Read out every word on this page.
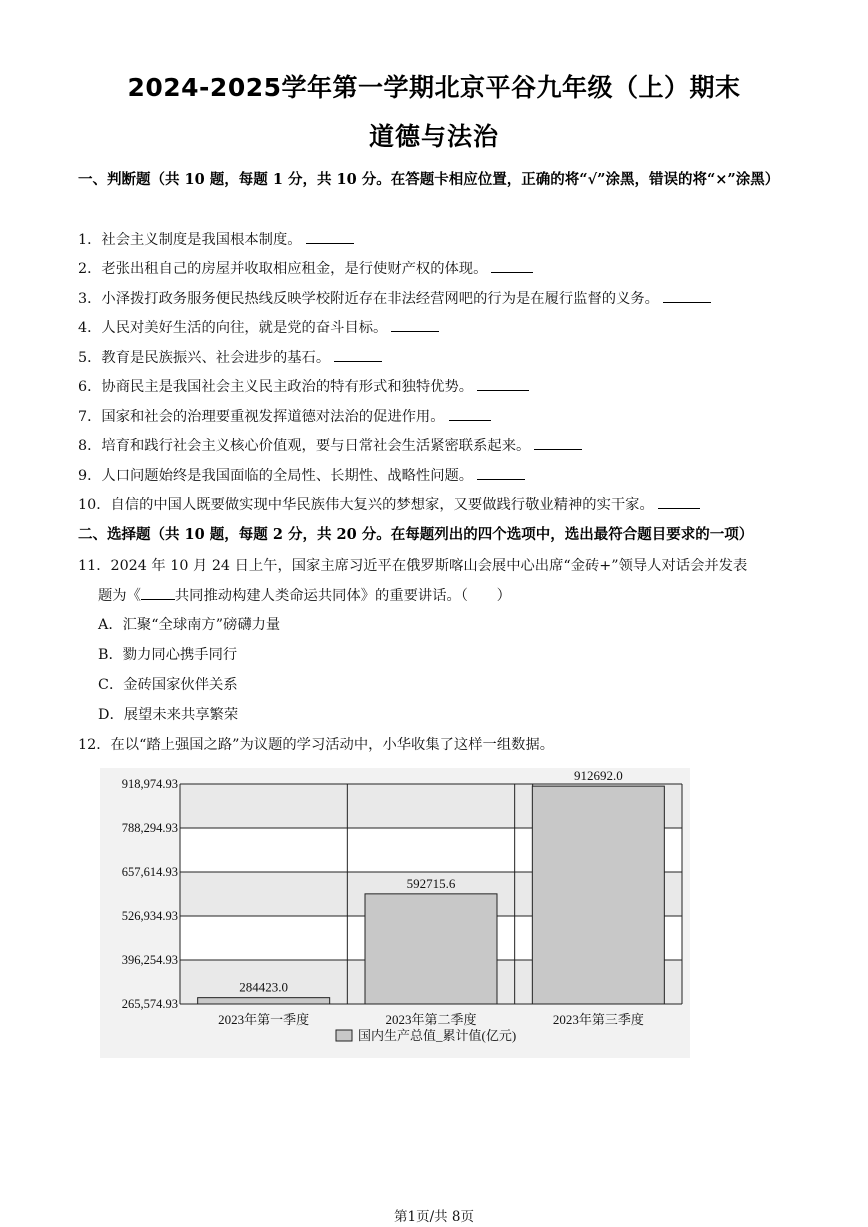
2024-2025学年第一学期北京平谷九年级（上）期末
道德与法治
一、判断题（共 10 题，每题 1 分，共 10 分。在答题卡相应位置，正确的将“√”涂黑，错误的将“×”涂黑）
1．社会主义制度是我国根本制度。
2．老张出租自己的房屋并收取相应租金，是行使财产权的体现。
3．小泽拨打政务服务便民热线反映学校附近存在非法经营网吧的行为是在履行监督的义务。
4．人民对美好生活的向往，就是党的奋斗目标。
5．教育是民族振兴、社会进步的基石。
6．协商民主是我国社会主义民主政治的特有形式和独特优势。
7．国家和社会的治理要重视发挥道德对法治的促进作用。
8．培育和践行社会主义核心价值观，要与日常社会生活紧密联系起来。
9．人口问题始终是我国面临的全局性、长期性、战略性问题。
10．自信的中国人既要做实现中华民族伟大复兴的梦想家，又要做践行敬业精神的实干家。
二、选择题（共 10 题，每题 2 分，共 20 分。在每题列出的四个选项中，选出最符合题目要求的一项）
11．2024 年 10 月 24 日上午，国家主席习近平在俄罗斯喀山会展中心出席“金砖+”领导人对话会并发表
题为《 共同推动构建人类命运共同体》的重要讲话。（　　）
A．汇聚“全球南方”磅礴力量
B．勠力同心携手同行
C．金砖国家伙伴关系
D．展望未来共享繁荣
12．在以“踏上强国之路”为议题的学习活动中，小华收集了这样一组数据。
918,974.93
788,294.93
657,614.93
526,934.93
396,254.93
265,574.93
284423.0
2023年第一季度
592715.6
2023年第二季度
912692.0
2023年第三季度
国内生产总值_累计值(亿元)
第1页/共 8页
